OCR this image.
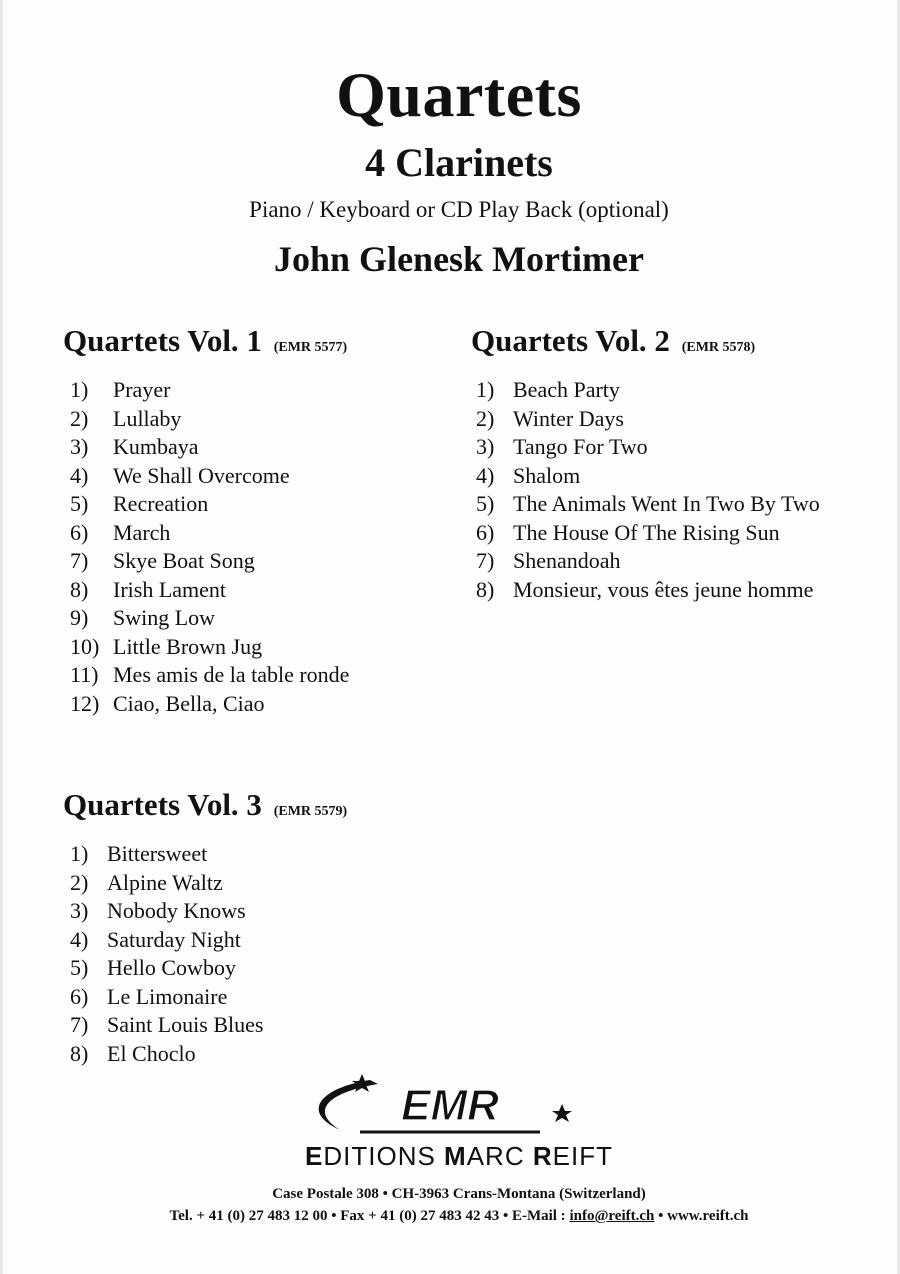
Quartets
4 Clarinets
Piano / Keyboard or CD Play Back (optional)
John Glenesk Mortimer
Quartets Vol. 1 (EMR 5577)
1) Prayer
2) Lullaby
3) Kumbaya
4) We Shall Overcome
5) Recreation
6) March
7) Skye Boat Song
8) Irish Lament
9) Swing Low
10) Little Brown Jug
11) Mes amis de la table ronde
12) Ciao, Bella, Ciao
Quartets Vol. 2 (EMR 5578)
1) Beach Party
2) Winter Days
3) Tango For Two
4) Shalom
5) The Animals Went In Two By Two
6) The House Of The Rising Sun
7) Shenandoah
8) Monsieur, vous êtes jeune homme
Quartets Vol. 3 (EMR 5579)
1) Bittersweet
2) Alpine Waltz
3) Nobody Knows
4) Saturday Night
5) Hello Cowboy
6) Le Limonaire
7) Saint Louis Blues
8) El Choclo
EMR
EDITIONS MARC REIFT
Case Postale 308 • CH-3963 Crans-Montana (Switzerland)
Tel. + 41 (0) 27 483 12 00 • Fax + 41 (0) 27 483 42 43 • E-Mail : info@reift.ch • www.reift.ch
